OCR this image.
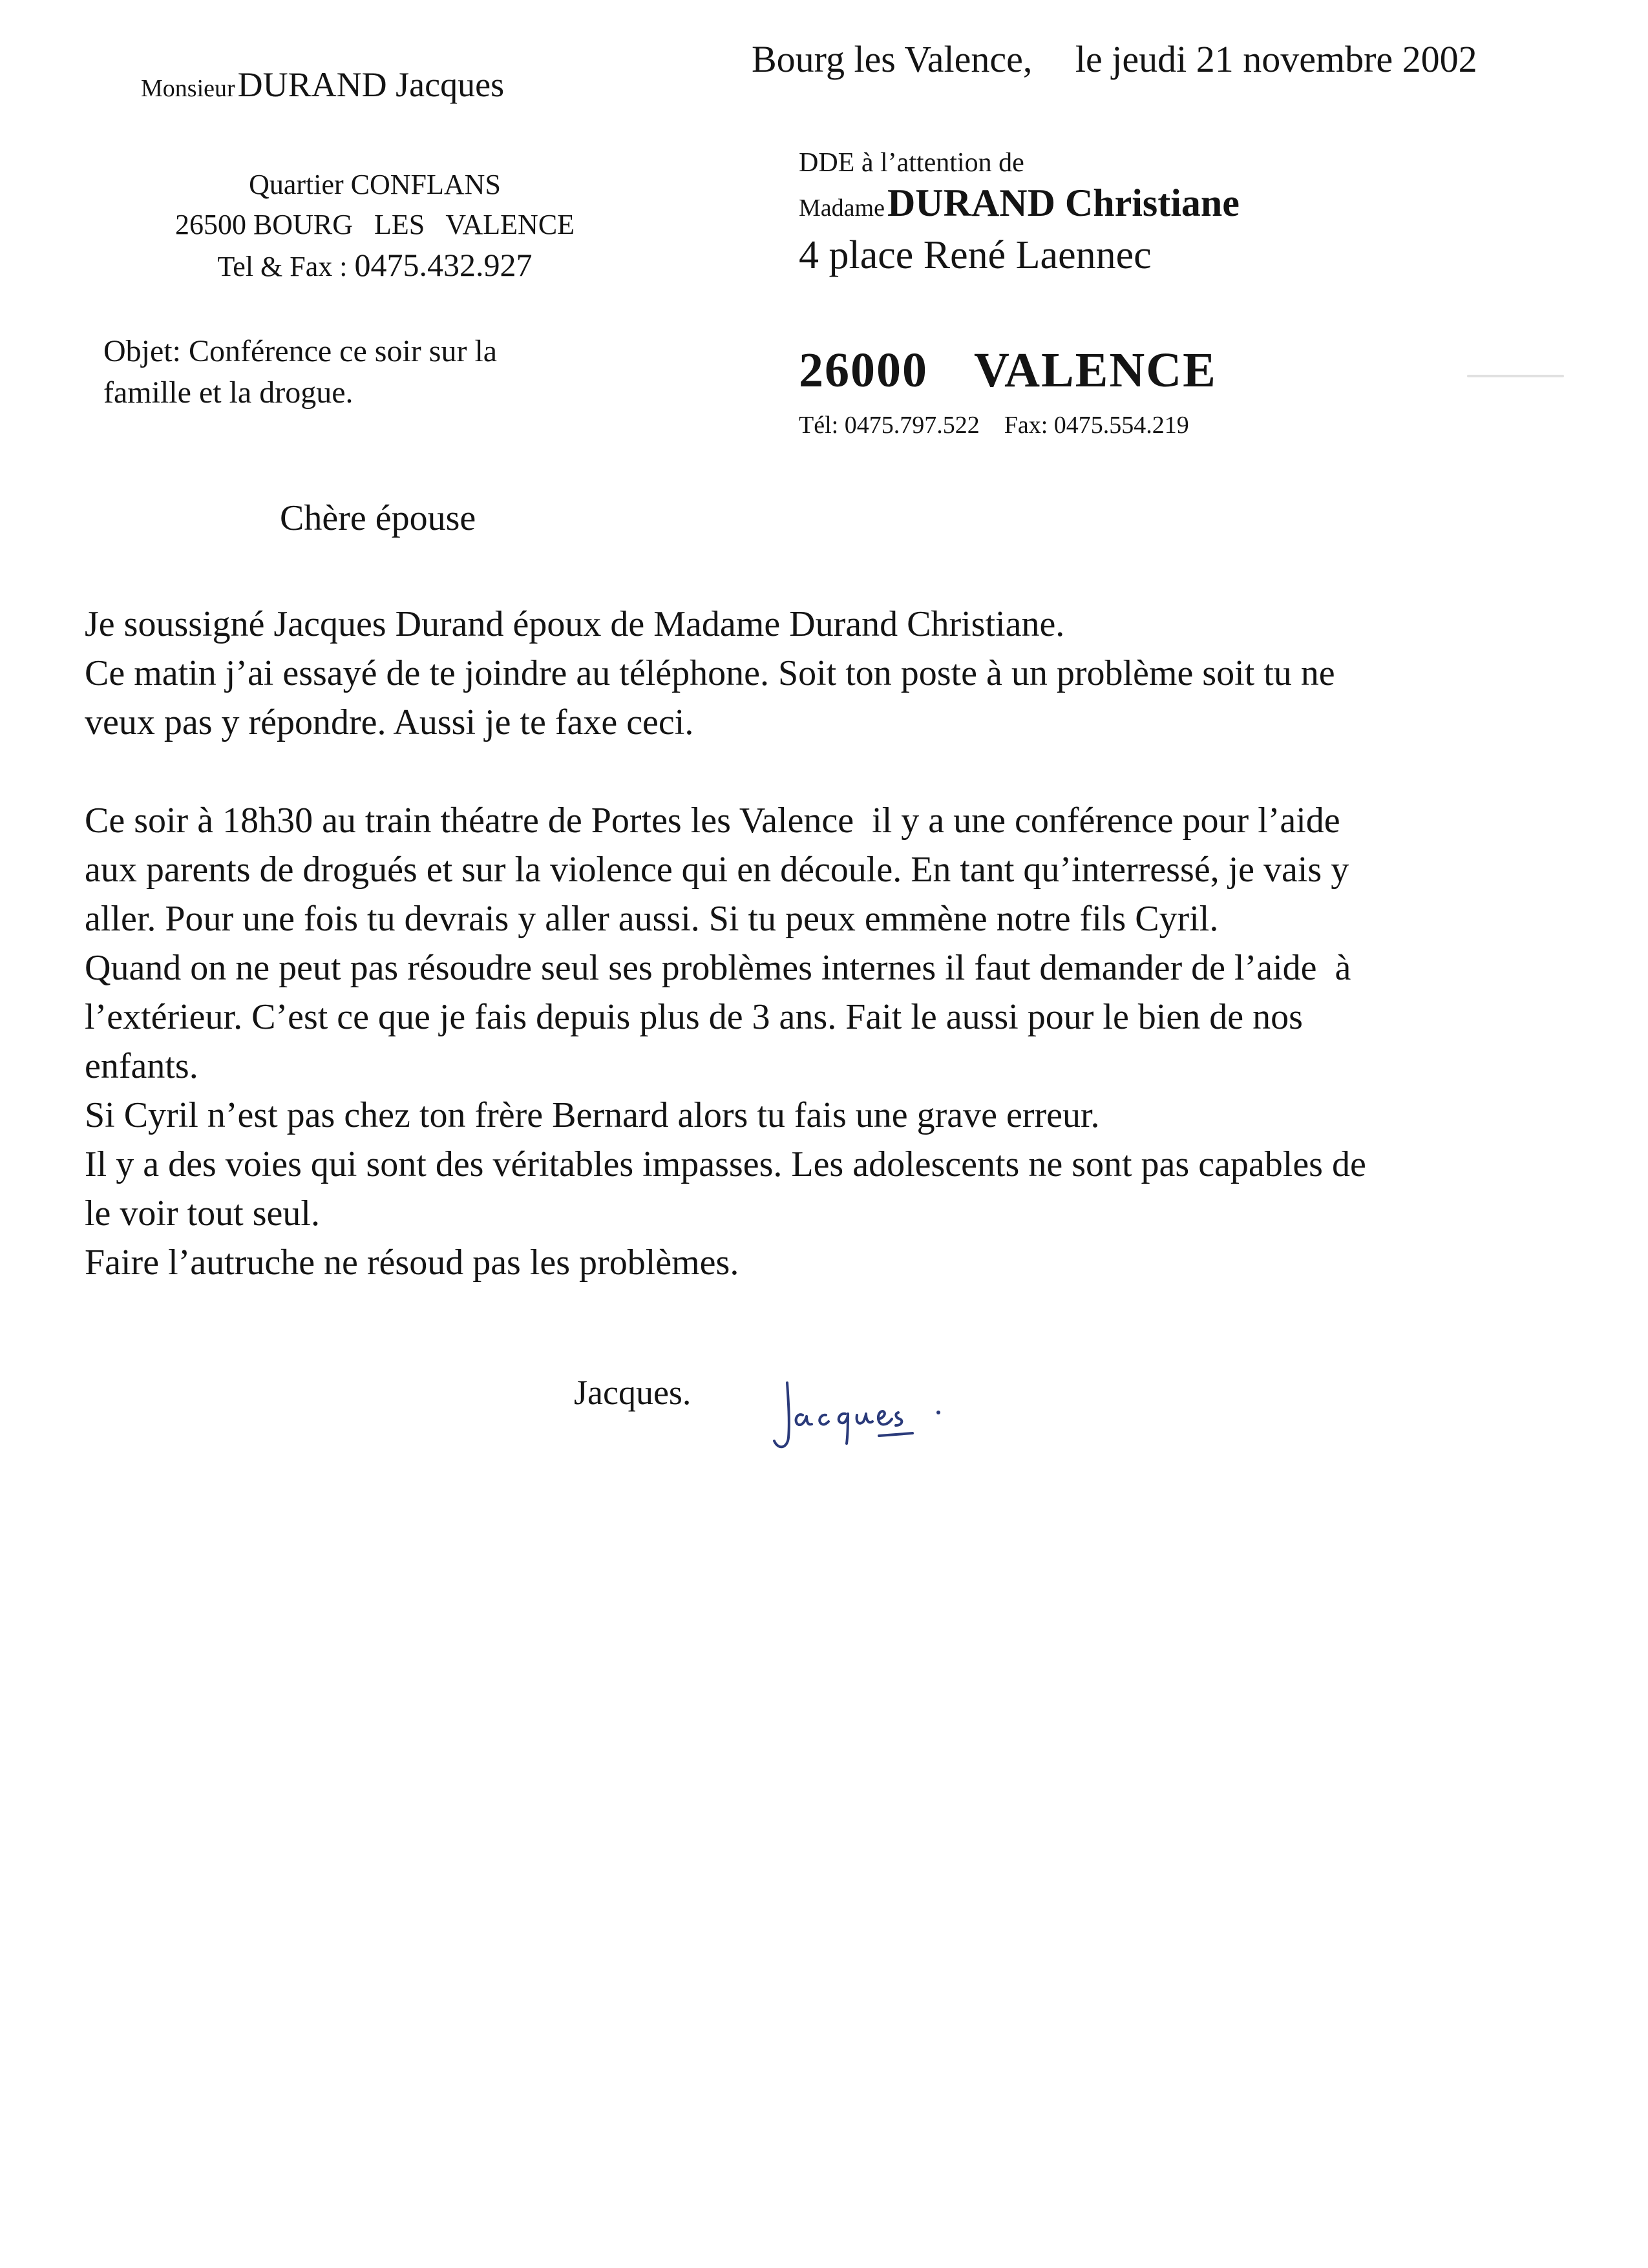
Monsieur DURAND Jacques
Quartier CONFLANS
26500 BOURG   LES   VALENCE
Tel & Fax : 0475.432.927
Bourg les Valence, le jeudi 21 novembre 2002
DDE à l’attention de
Madame DURAND Christiane
4 place René Laennec
26000 VALENCE
Tél: 0475.797.522    Fax: 0475.554.219
Objet: Conférence ce soir sur la
famille et la drogue.
Chère épouse

Je soussigné Jacques Durand époux de Madame Durand Christiane.

Ce matin j’ai essayé de te joindre au téléphone. Soit ton poste à un problème soit tu ne

veux pas y répondre. Aussi je te faxe ceci.

Ce soir à 18h30 au train théatre de Portes les Valence  il y a une conférence pour l’aide

aux parents de drogués et sur la violence qui en découle. En tant qu’interressé, je vais y

aller. Pour une fois tu devrais y aller aussi. Si tu peux emmène notre fils Cyril.

Quand on ne peut pas résoudre seul ses problèmes internes il faut demander de l’aide  à

l’extérieur. C’est ce que je fais depuis plus de 3 ans. Fait le aussi pour le bien de nos

enfants.

Si Cyril n’est pas chez ton frère Bernard alors tu fais une grave erreur.

Il y a des voies qui sont des véritables impasses. Les adolescents ne sont pas capables de

le voir tout seul.

Faire l’autruche ne résoud pas les problèmes.

Jacques.
